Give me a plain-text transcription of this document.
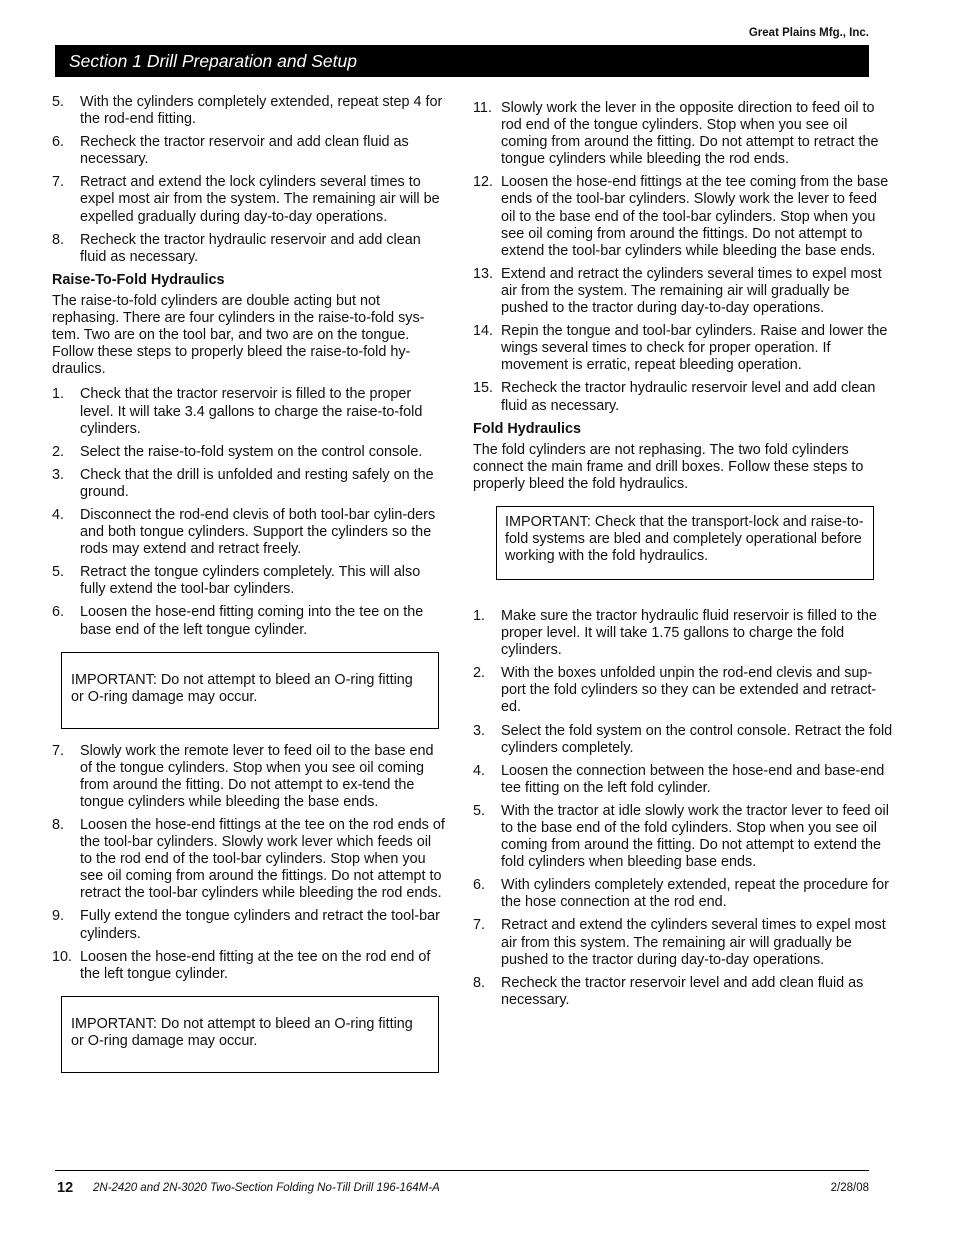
Great Plains Mfg., Inc.
Section 1 Drill Preparation and Setup
5. With the cylinders completely extended, repeat step 4 for the rod-end fitting.
6. Recheck the tractor reservoir and add clean fluid as necessary.
7. Retract and extend the lock cylinders several times to expel most air from the system. The remaining air will be expelled gradually during day-to-day operations.
8. Recheck the tractor hydraulic reservoir and add clean fluid as necessary.
Raise-To-Fold Hydraulics
The raise-to-fold cylinders are double acting but not rephasing. There are four cylinders in the raise-to-fold sys-tem. Two are on the tool bar, and two are on the tongue. Follow these steps to properly bleed the raise-to-fold hy-draulics.
1. Check that the tractor reservoir is filled to the proper level. It will take 3.4 gallons to charge the raise-to-fold cylinders.
2. Select the raise-to-fold system on the control console.
3. Check that the drill is unfolded and resting safely on the ground.
4. Disconnect the rod-end clevis of both tool-bar cylin-ders and both tongue cylinders. Support the cylinders so the rods may extend and retract freely.
5. Retract the tongue cylinders completely. This will also fully extend the tool-bar cylinders.
6. Loosen the hose-end fitting coming into the tee on the base end of the left tongue cylinder.
IMPORTANT: Do not attempt to bleed an O-ring fitting or O-ring damage may occur.
7. Slowly work the remote lever to feed oil to the base end of the tongue cylinders. Stop when you see oil coming from around the fitting. Do not attempt to ex-tend the tongue cylinders while bleeding the base ends.
8. Loosen the hose-end fittings at the tee on the rod ends of the tool-bar cylinders. Slowly work lever which feeds oil to the rod end of the tool-bar cylinders. Stop when you see oil coming from around the fittings. Do not attempt to retract the tool-bar cylinders while bleeding the rod ends.
9. Fully extend the tongue cylinders and retract the tool-bar cylinders.
10. Loosen the hose-end fitting at the tee on the rod end of the left tongue cylinder.
IMPORTANT: Do not attempt to bleed an O-ring fitting or O-ring damage may occur.
11. Slowly work the lever in the opposite direction to feed oil to rod end of the tongue cylinders. Stop when you see oil coming from around the fitting. Do not attempt to retract the tongue cylinders while bleeding the rod ends.
12. Loosen the hose-end fittings at the tee coming from the base ends of the tool-bar cylinders. Slowly work the lever to feed oil to the base end of the tool-bar cylinders. Stop when you see oil coming from around the fittings. Do not attempt to extend the tool-bar cylinders while bleeding the base ends.
13. Extend and retract the cylinders several times to expel most air from the system. The remaining air will gradually be pushed to the tractor during day-to-day operations.
14. Repin the tongue and tool-bar cylinders. Raise and lower the wings several times to check for proper operation. If movement is erratic, repeat bleeding operation.
15. Recheck the tractor hydraulic reservoir level and add clean fluid as necessary.
Fold Hydraulics
The fold cylinders are not rephasing. The two fold cylinders connect the main frame and drill boxes. Follow these steps to properly bleed the fold hydraulics.
IMPORTANT: Check that the transport-lock and raise-to-fold systems are bled and completely operational before working with the fold hydraulics.
1. Make sure the tractor hydraulic fluid reservoir is filled to the proper level. It will take 1.75 gallons to charge the fold cylinders.
2. With the boxes unfolded unpin the rod-end clevis and sup-port the fold cylinders so they can be extended and retract-ed.
3. Select the fold system on the control console. Retract the fold cylinders completely.
4. Loosen the connection between the hose-end and base-end tee fitting on the left fold cylinder.
5. With the tractor at idle slowly work the tractor lever to feed oil to the base end of the fold cylinders. Stop when you see oil coming from around the fitting. Do not attempt to extend the fold cylinders when bleeding base ends.
6. With cylinders completely extended, repeat the procedure for the hose connection at the rod end.
7. Retract and extend the cylinders several times to expel most air from this system. The remaining air will gradually be pushed to the tractor during day-to-day operations.
8. Recheck the tractor reservoir level and add clean fluid as necessary.
12 2N-2420 and 2N-3020 Two-Section Folding No-Till Drill 196-164M-A	2/28/08
